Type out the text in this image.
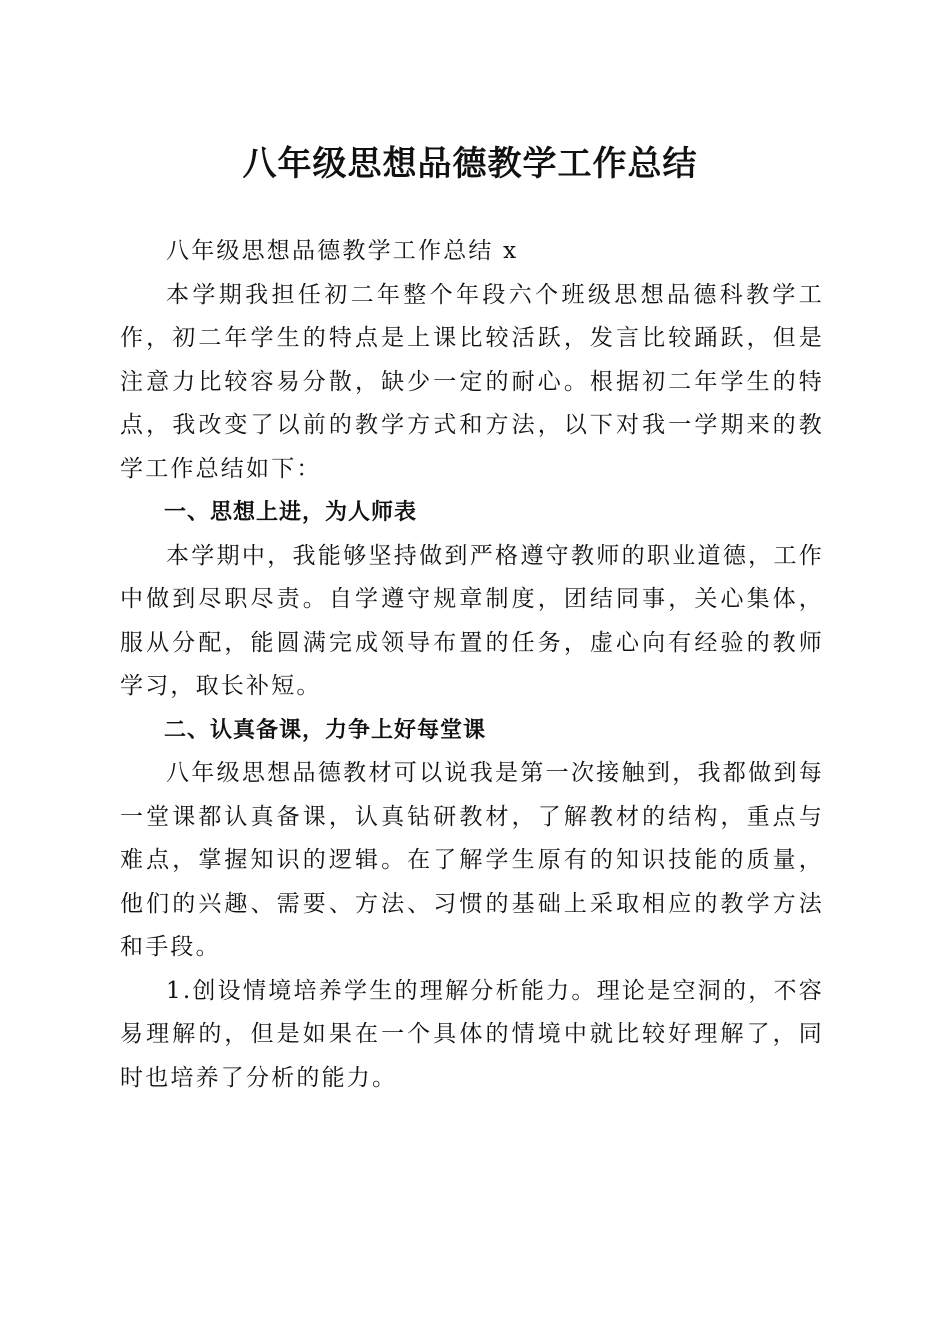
八年级思想品德教学工作总结

八年级思想品德教学工作总结 x

本学期我担任初二年整个年段六个班级思想品德科教学工作，初二年学生的特点是上课比较活跃，发言比较踊跃，但是注意力比较容易分散，缺少一定的耐心。根据初二年学生的特点，我改变了以前的教学方式和方法，以下对我一学期来的教学工作总结如下：

一、思想上进，为人师表

本学期中，我能够坚持做到严格遵守教师的职业道德，工作中做到尽职尽责。自学遵守规章制度，团结同事，关心集体，服从分配，能圆满完成领导布置的任务，虚心向有经验的教师学习，取长补短。

二、认真备课，力争上好每堂课

八年级思想品德教材可以说我是第一次接触到，我都做到每一堂课都认真备课，认真钻研教材，了解教材的结构，重点与难点，掌握知识的逻辑。在了解学生原有的知识技能的质量，他们的兴趣、需要、方法、习惯的基础上采取相应的教学方法和手段。

1.创设情境培养学生的理解分析能力。理论是空洞的，不容易理解的，但是如果在一个具体的情境中就比较好理解了，同时也培养了分析的能力。
